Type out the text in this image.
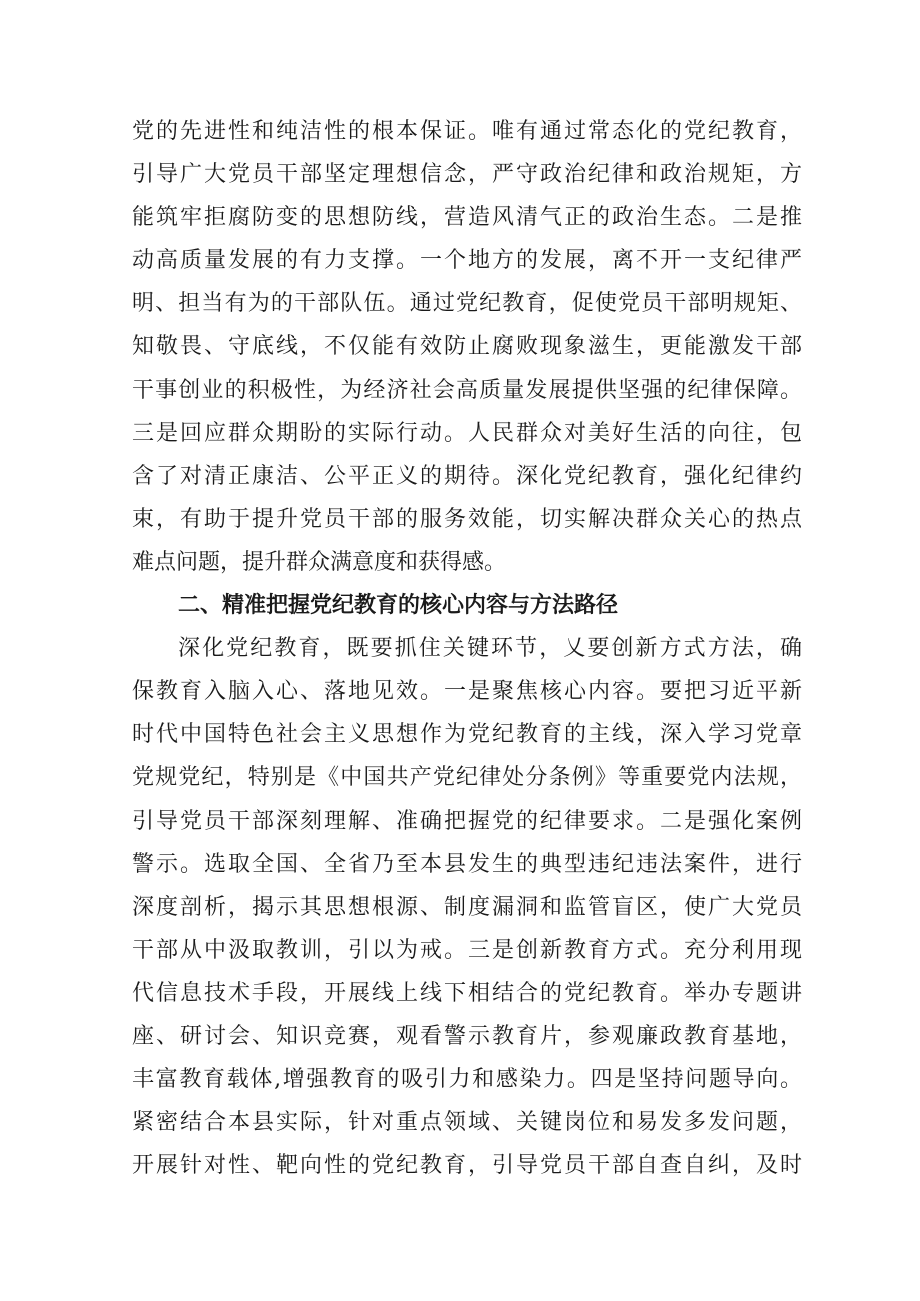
党的先进性和纯洁性的根本保证。唯有通过常态化的党纪教育，
引导广大党员干部坚定理想信念，严守政治纪律和政治规矩，方
能筑牢拒腐防变的思想防线，营造风清气正的政治生态。二是推
动高质量发展的有力支撑。一个地方的发展，离不开一支纪律严
明、担当有为的干部队伍。通过党纪教育，促使党员干部明规矩、
知敬畏、守底线，不仅能有效防止腐败现象滋生，更能激发干部
干事创业的积极性，为经济社会高质量发展提供坚强的纪律保障。
三是回应群众期盼的实际行动。人民群众对美好生活的向往，包
含了对清正康洁、公平正义的期待。深化党纪教育，强化纪律约
束，有助于提升党员干部的服务效能，切实解决群众关心的热点
难点问题，提升群众满意度和获得感。
二、精准把握党纪教育的核心内容与方法路径
深化党纪教育，既要抓住关键环节，乂要创新方式方法，确
保教育入脑入心、落地见效。一是聚焦核心内容。要把习近平新
时代中国特色社会主义思想作为党纪教育的主线，深入学习党章
党规党纪，特别是《中国共产党纪律处分条例》等重要党内法规，
引导党员干部深刻理解、准确把握党的纪律要求。二是强化案例
警示。选取全国、全省乃至本县发生的典型违纪违法案件，进行
深度剖析，揭示其思想根源、制度漏洞和监管盲区，使广大党员
干部从中汲取教训，引以为戒。三是创新教育方式。充分利用现
代信息技术手段，开展线上线下相结合的党纪教育。举办专题讲
座、研讨会、知识竞赛，观看警示教育片，参观廉政教育基地，
丰富教育载体,增强教育的吸引力和感染力。四是坚持问题导向。
紧密结合本县实际，针对重点领域、关键岗位和易发多发问题，
开展针对性、靶向性的党纪教育，引导党员干部自查自纠，及时
